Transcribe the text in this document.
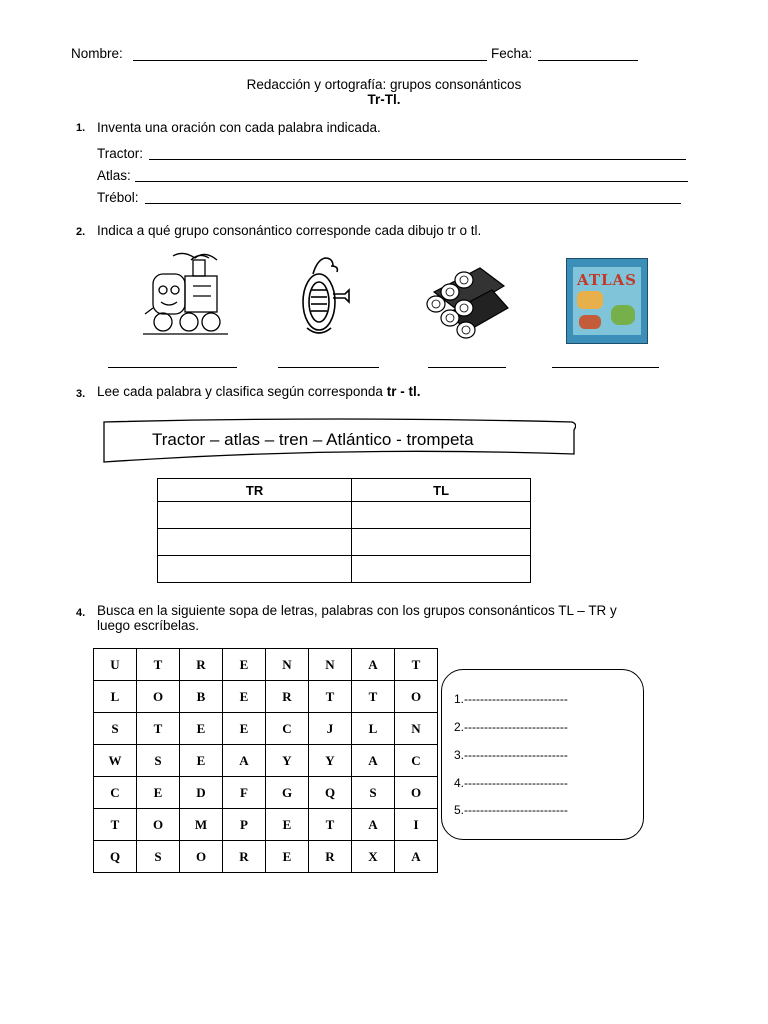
Nombre:	Fecha:
Redacción y ortografía: grupos consonánticos
Tr-Tl.
1. Inventa una oración con cada palabra indicada.
Tractor:
Atlas:
Trébol:
2. Indica a qué grupo consonántico corresponde cada dibujo tr o tl.
ATLAS
3. Lee cada palabra y clasifica según corresponda tr - tl.
Tractor – atlas – tren – Atlántico - trompeta
TR	TL

4. Busca en la siguiente sopa de letras, palabras con los grupos consonánticos TL – TR y
luego escríbelas.
U	T	R	E	N	N	A	T
L	O	B	E	R	T	T	O
S	T	E	E	C	J	L	N
W	S	E	A	Y	Y	A	C
C	E	D	F	G	Q	S	O
T	O	M	P	E	T	A	I
Q	S	O	R	E	R	X	A
1.--------------------------
2.--------------------------
3.--------------------------
4.--------------------------
5.--------------------------
